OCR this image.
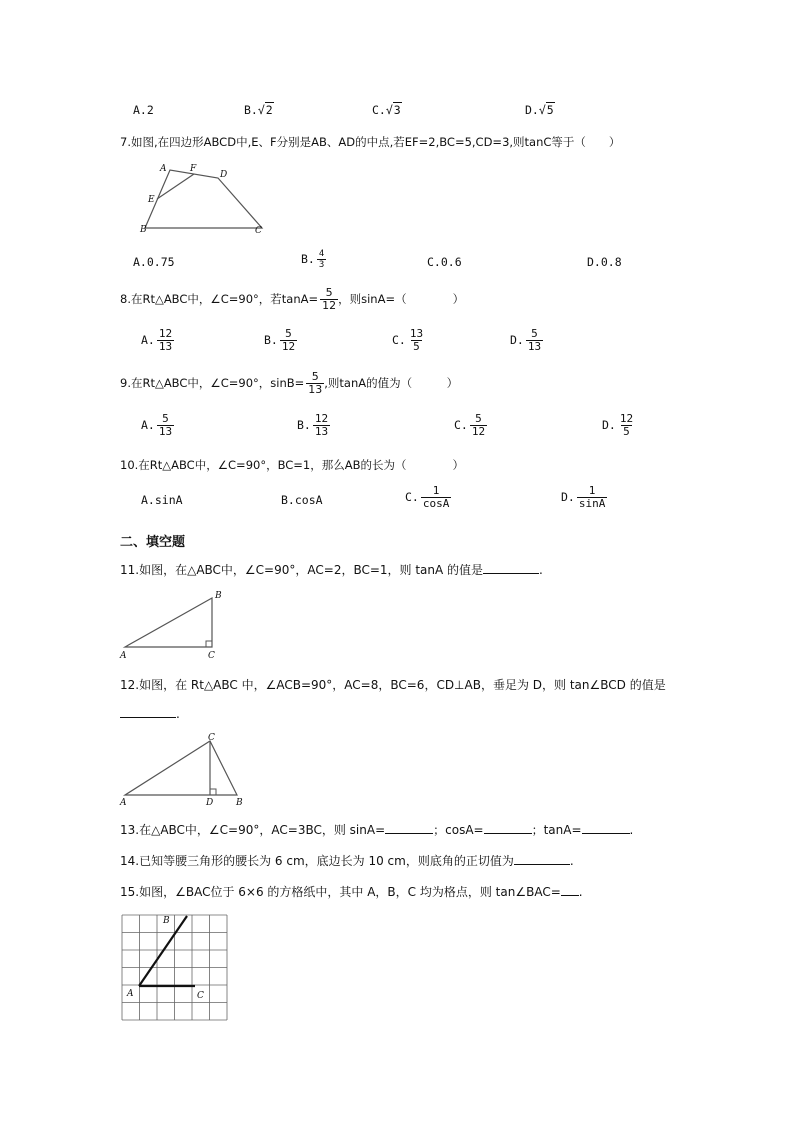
A.2	B.√2	C.√3	D.√5
7.如图,在四边形ABCD中,E、F分别是AB、AD的中点,若EF=2,BC=5,CD=3,则tanC等于（　　）
A	F
D
E
B	C
A.0.75	B. $\frac{4}{3}$	C.0.6	D.0.8
8.在Rt△ABC中，∠C=90°，若$\tan A= \frac{5}{12}$ ，则sinA=（　　　　）
A. $\frac{12}{13}$	B. $\frac{5}{12}$	C. $\frac{13}{5}$	D. $\frac{5}{13}$
9.在Rt△ABC中，∠C=90°，$\sin B= \frac{5}{13}$ ,则tanA的值为（　　　）
A. $\frac{5}{13}$	B. $\frac{12}{13}$	C. $\frac{5}{12}$	D. $\frac{12}{5}$
10.在Rt△ABC中，∠C=90°，BC=1，那么AB的长为（　　　　）
A.sinA	B.cosA	C. $\frac{1}{\cos A}$	D. $\frac{1}{\sin A}$
二、填空题
11.如图，在△ABC中，∠C=90°，AC=2，BC=1，则 tanA 的值是	.
B
A	C
12.如图，在 Rt△ABC 中，∠ACB=90°，AC=8，BC=6，CD⊥AB，垂足为 D，则 tan∠BCD 的值是
.
C
A	D	B
13.在△ABC中，∠C=90°，AC=3BC，则 sinA=	；cosA=	；tanA=	.
14.已知等腰三角形的腰长为 6 cm，底边长为 10 cm，则底角的正切值为	.
15.如图，∠BAC位于 6×6 的方格纸中，其中 A，B，C 均为格点，则 tan∠BAC= .
B
A	C
